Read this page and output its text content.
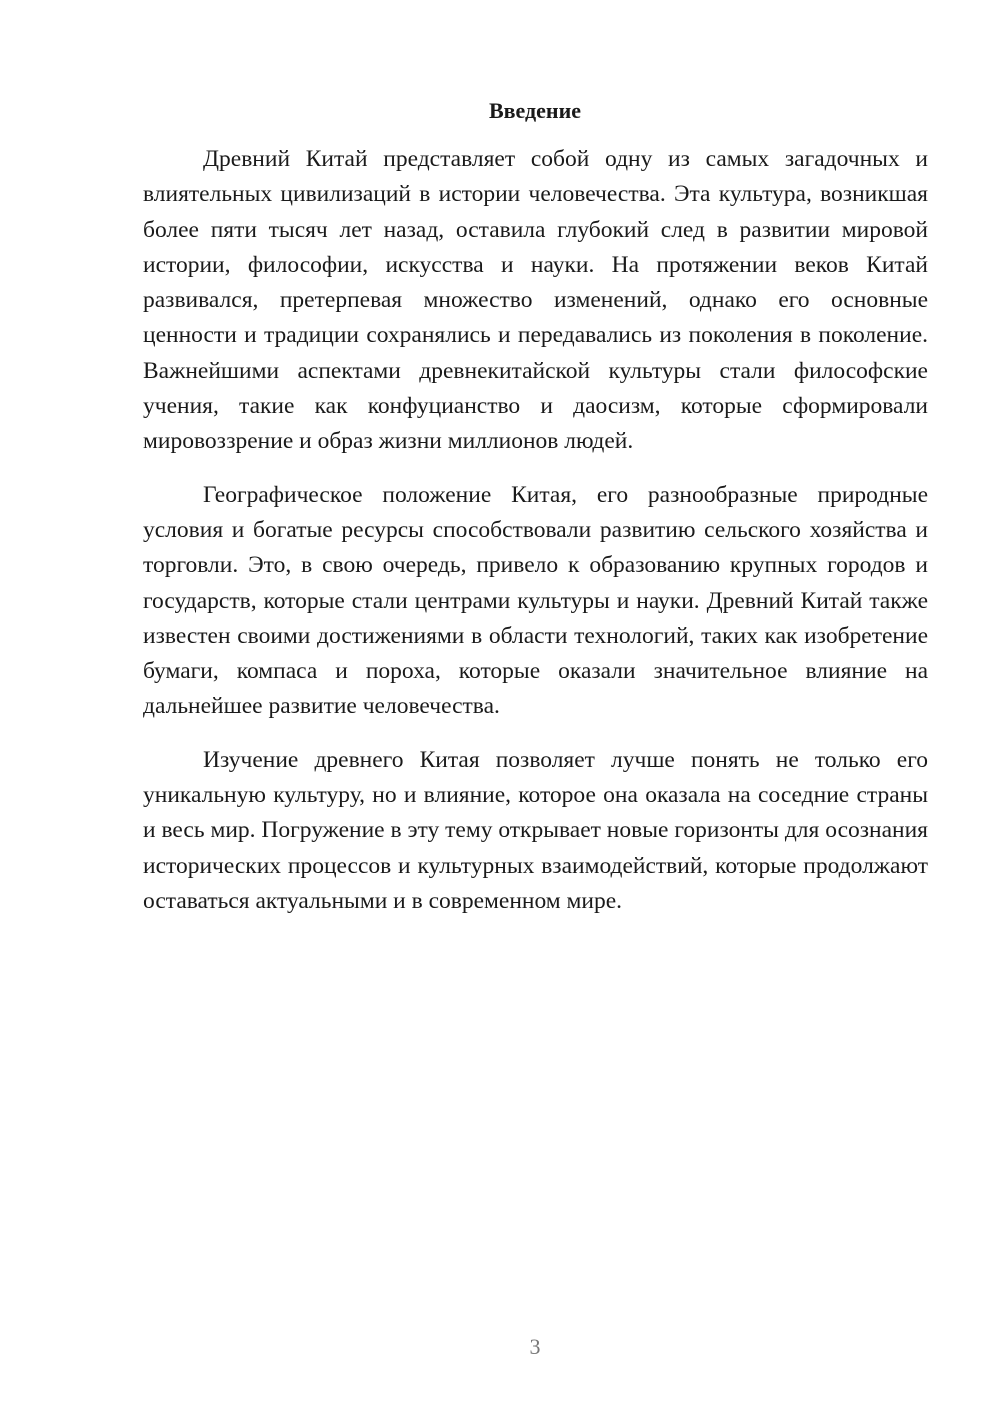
Введение

Древний Китай представляет собой одну из самых загадочных и влиятельных цивилизаций в истории человечества. Эта культура, возникшая более пяти тысяч лет назад, оставила глубокий след в развитии мировой истории, философии, искусства и науки. На протяжении веков Китай развивался, претерпевая множество изменений, однако его основные ценности и традиции сохранялись и передавались из поколения в поколение. Важнейшими аспектами древнекитайской культуры стали философские учения, такие как конфуцианство и даосизм, которые сформировали мировоззрение и образ жизни миллионов людей.

Географическое положение Китая, его разнообразные природные условия и богатые ресурсы способствовали развитию сельского хозяйства и торговли. Это, в свою очередь, привело к образованию крупных городов и государств, которые стали центрами культуры и науки. Древний Китай также известен своими достижениями в области технологий, таких как изобретение бумаги, компаса и пороха, которые оказали значительное влияние на дальнейшее развитие человечества.

Изучение древнего Китая позволяет лучше понять не только его уникальную культуру, но и влияние, которое она оказала на соседние страны и весь мир. Погружение в эту тему открывает новые горизонты для осознания исторических процессов и культурных взаимодействий, которые продолжают оставаться актуальными и в современном мире.

3
